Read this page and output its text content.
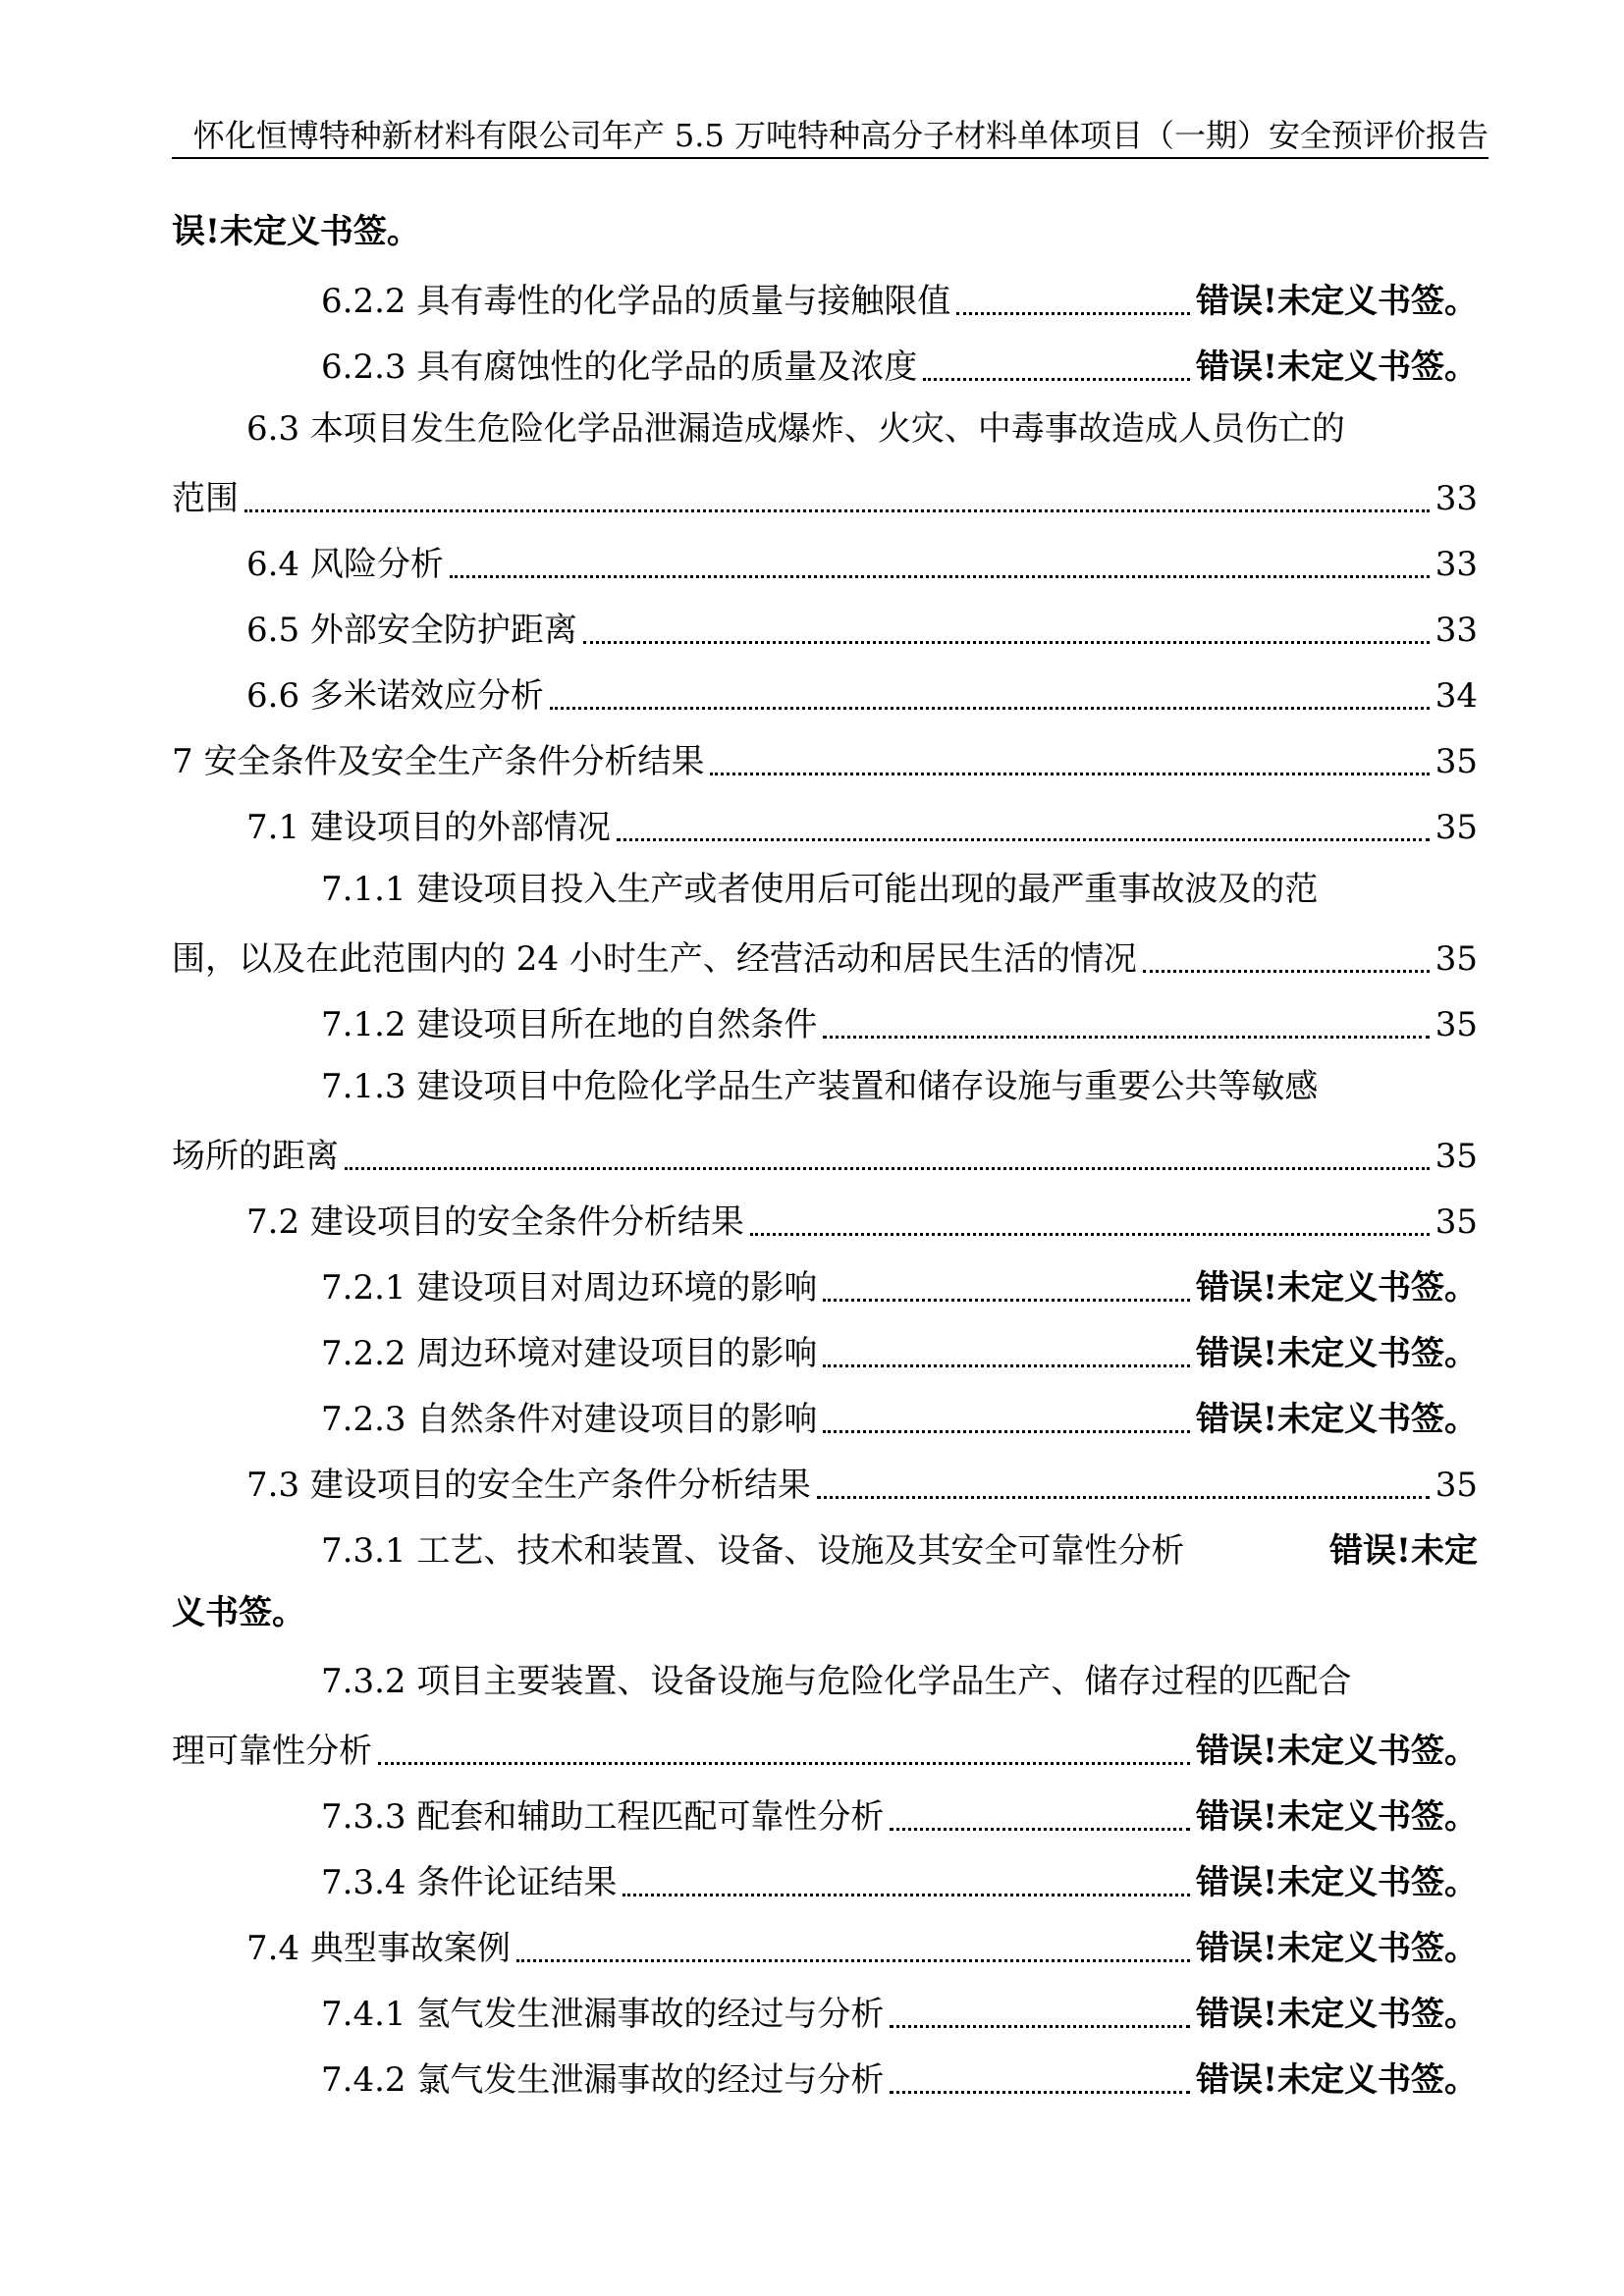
怀化恒博特种新材料有限公司年产 5.5 万吨特种高分子材料单体项目（一期）安全预评价报告
误!未定义书签。
6.2.2 具有毒性的化学品的质量与接触限值	错误!未定义书签。
6.2.3 具有腐蚀性的化学品的质量及浓度	错误!未定义书签。
6.3 本项目发生危险化学品泄漏造成爆炸、火灾、中毒事故造成人员伤亡的
范围	33
6.4 风险分析	33
6.5 外部安全防护距离	33
6.6 多米诺效应分析	34
7 安全条件及安全生产条件分析结果	35
7.1 建设项目的外部情况	35
7.1.1 建设项目投入生产或者使用后可能出现的最严重事故波及的范
围，以及在此范围内的 24 小时生产、经营活动和居民生活的情况	35
7.1.2 建设项目所在地的自然条件	35
7.1.3 建设项目中危险化学品生产装置和储存设施与重要公共等敏感
场所的距离	35
7.2 建设项目的安全条件分析结果	35
7.2.1 建设项目对周边环境的影响	错误!未定义书签。
7.2.2 周边环境对建设项目的影响	错误!未定义书签。
7.2.3 自然条件对建设项目的影响	错误!未定义书签。
7.3 建设项目的安全生产条件分析结果	35
7.3.1 工艺、技术和装置、设备、设施及其安全可靠性分析	错误!未定
义书签。
7.3.2 项目主要装置、设备设施与危险化学品生产、储存过程的匹配合
理可靠性分析	错误!未定义书签。
7.3.3 配套和辅助工程匹配可靠性分析	错误!未定义书签。
7.3.4 条件论证结果	错误!未定义书签。
7.4 典型事故案例	错误!未定义书签。
7.4.1 氢气发生泄漏事故的经过与分析	错误!未定义书签。
7.4.2 氯气发生泄漏事故的经过与分析	错误!未定义书签。
